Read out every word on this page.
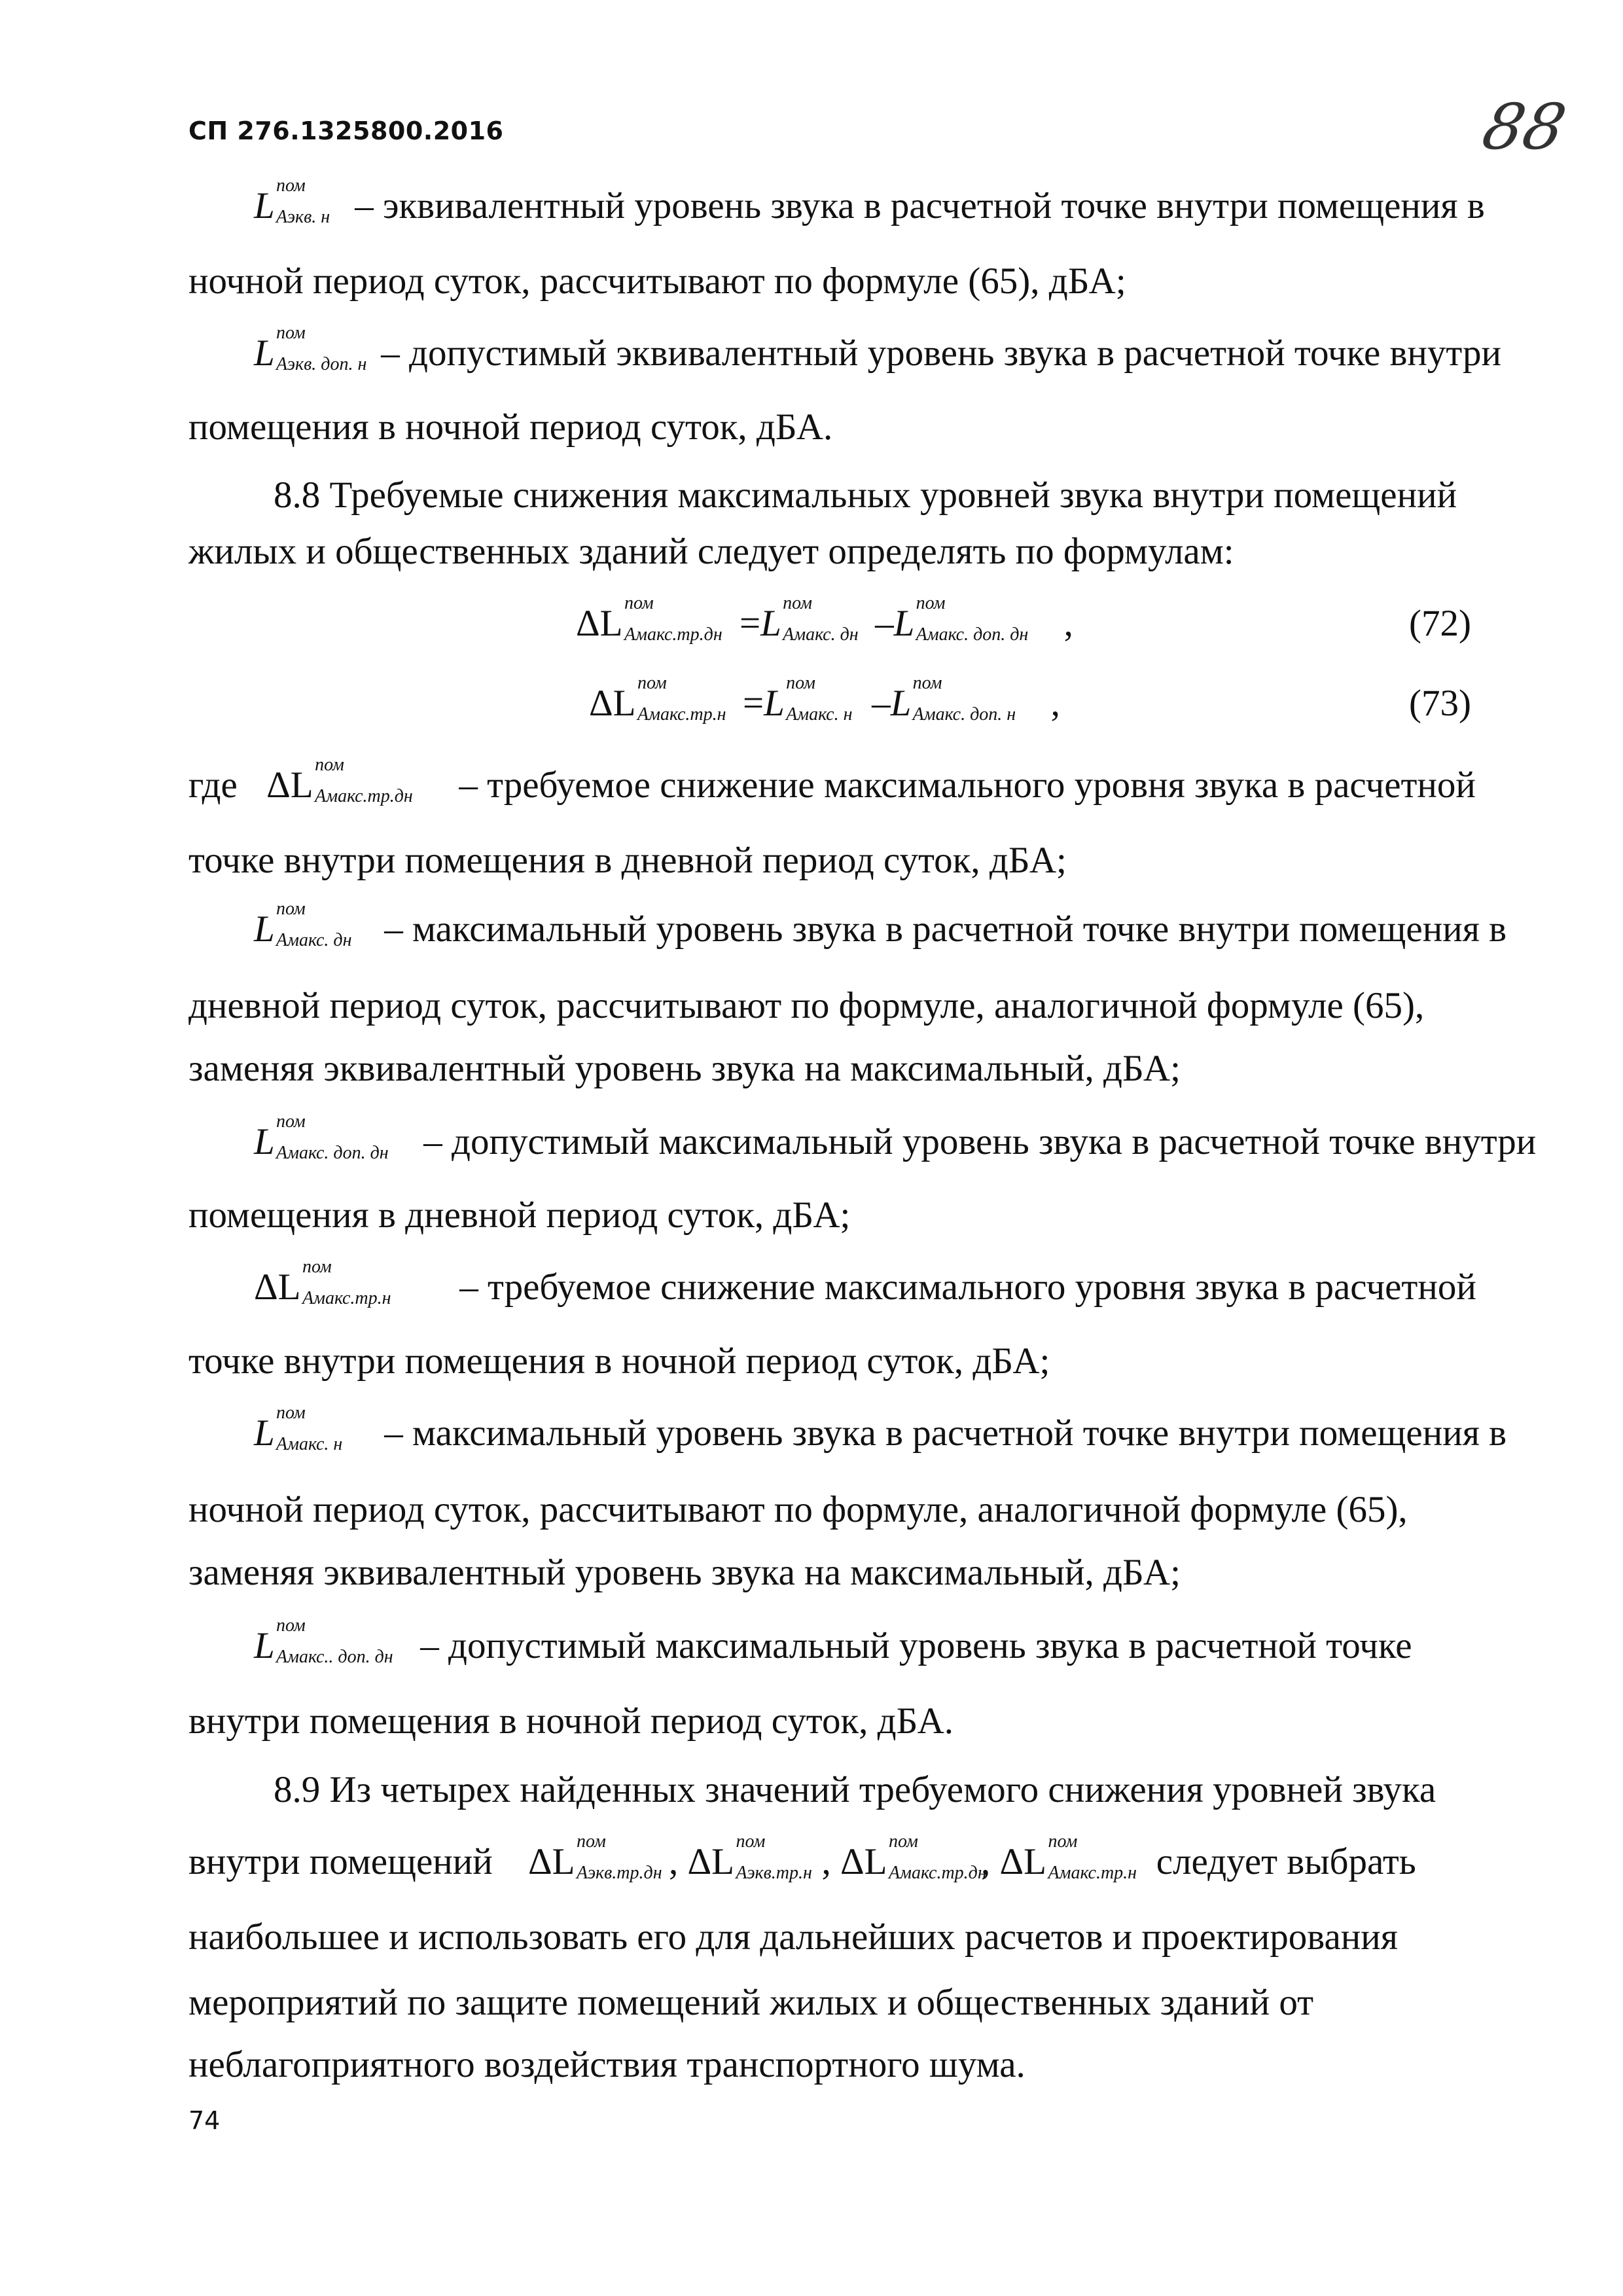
СП 276.1325800.2016	88
L пом
Аэкв. н – эквивалентный уровень звука в расчетной точке внутри помещения в
ночной период суток, рассчитывают по формуле (65), дБА;
L пом
Аэкв. доп. н – допустимый эквивалентный уровень звука в расчетной точке внутри
помещения в ночной период суток, дБА.
8.8 Требуемые снижения максимальных уровней звука внутри помещений
жилых и общественных зданий следует определять по формулам:
ΔL пом
Амакс.тр.дн =L пом
Амакс. дн –L пом
Амакс. доп. дн ,	(72)
ΔL пом
Амакс.тр.н =L пом
Амакс. н –L пом
Амакс. доп. н ,	(73)
где ΔL пом
Амакс.тр.дн – требуемое снижение максимального уровня звука в расчетной
точке внутри помещения в дневной период суток, дБА;
L пом
Амакс. дн – максимальный уровень звука в расчетной точке внутри помещения в
дневной период суток, рассчитывают по формуле, аналогичной формуле (65),
заменяя эквивалентный уровень звука на максимальный, дБА;
L пом
Амакс. доп. дн – допустимый максимальный уровень звука в расчетной точке внутри
помещения в дневной период суток, дБА;
ΔL пом
Амакс.тр.н – требуемое снижение максимального уровня звука в расчетной
точке внутри помещения в ночной период суток, дБА;
L пом
Амакс. н – максимальный уровень звука в расчетной точке внутри помещения в
ночной период суток, рассчитывают по формуле, аналогичной формуле (65),
заменяя эквивалентный уровень звука на максимальный, дБА;
L пом
Амакс.. доп. дн – допустимый максимальный уровень звука в расчетной точке
внутри помещения в ночной период суток, дБА.
8.9 Из четырех найденных значений требуемого снижения уровней звука
внутри помещений ΔL пом
Аэкв.тр.дн , ΔL пом
Аэкв.тр.н , ΔL пом
Амакс.тр.дн
, ΔL пом
Амакс.тр.н следует выбрать
наибольшее и использовать его для дальнейших расчетов и проектирования
мероприятий по защите помещений жилых и общественных зданий от
неблагоприятного воздействия транспортного шума.
74
